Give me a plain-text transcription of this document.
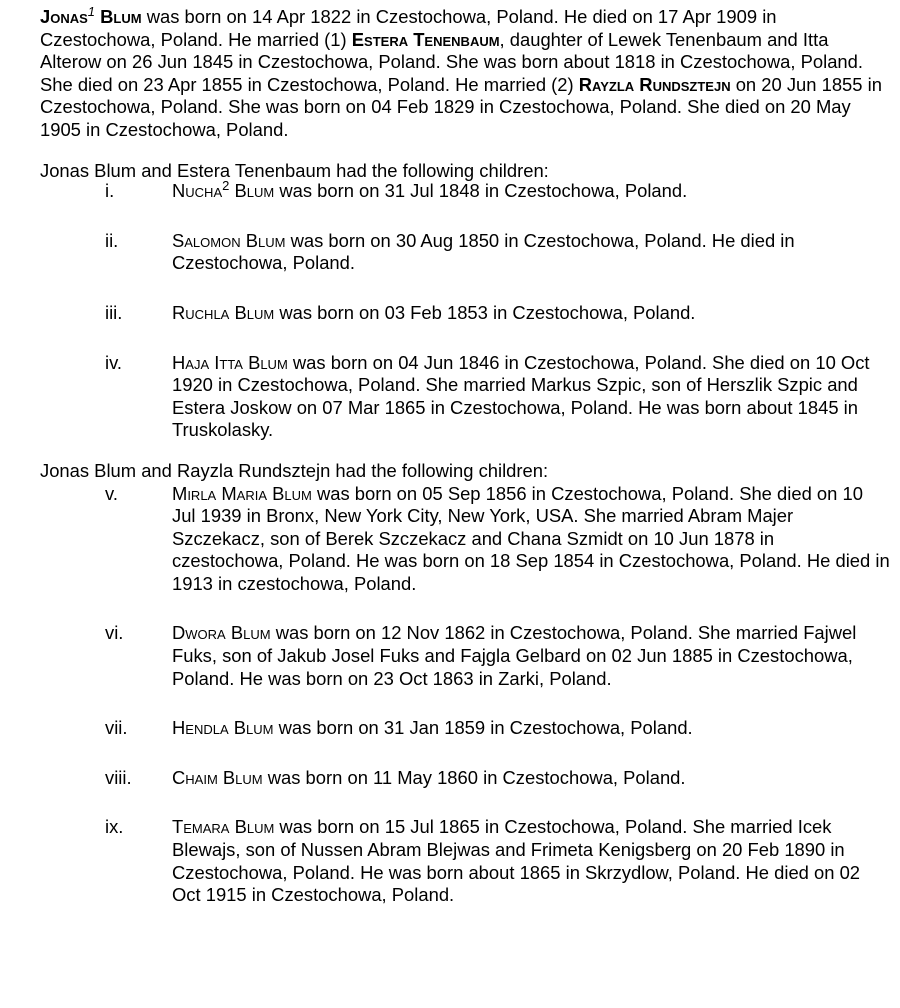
Jonas$^1$ Blum was born on 14 Apr 1822 in Czestochowa, Poland. He died on 17 Apr 1909 in Czestochowa, Poland. He married (1) Estera Tenenbaum, daughter of Lewek Tenenbaum and Itta Alterow on 26 Jun 1845 in Czestochowa, Poland. She was born about 1818 in Czestochowa, Poland. She died on 23 Apr 1855 in Czestochowa, Poland. He married (2) Rayzla Rundsztejn on 20 Jun 1855 in Czestochowa, Poland. She was born on 04 Feb 1829 in Czestochowa, Poland. She died on 20 May 1905 in Czestochowa, Poland.

Jonas Blum and Estera Tenenbaum had the following children:

i.	Nucha$^2$ Blum was born on 31 Jul 1848 in Czestochowa, Poland.
ii.	Salomon Blum was born on 30 Aug 1850 in Czestochowa, Poland. He died in Czestochowa, Poland.
iii.	Ruchla Blum was born on 03 Feb 1853 in Czestochowa, Poland.
iv.	Haja Itta Blum was born on 04 Jun 1846 in Czestochowa, Poland. She died on 10 Oct 1920 in Czestochowa, Poland. She married Markus Szpic, son of Herszlik Szpic and Estera Joskow on 07 Mar 1865 in Czestochowa, Poland. He was born about 1845 in Truskolasky.

Jonas Blum and Rayzla Rundsztejn had the following children:

v.	Mirla Maria Blum was born on 05 Sep 1856 in Czestochowa, Poland. She died on 10 Jul 1939 in Bronx, New York City, New York, USA. She married Abram Majer Szczekacz, son of Berek Szczekacz and Chana Szmidt on 10 Jun 1878 in czestochowa, Poland. He was born on 18 Sep 1854 in Czestochowa, Poland. He died in 1913 in czestochowa, Poland.
vi.	Dwora Blum was born on 12 Nov 1862 in Czestochowa, Poland. She married Fajwel Fuks, son of Jakub Josel Fuks and Fajgla Gelbard on 02 Jun 1885 in Czestochowa, Poland. He was born on 23 Oct 1863 in Zarki, Poland.
vii. Hendla Blum was born on 31 Jan 1859 in Czestochowa, Poland.
viii. Chaim Blum was born on 11 May 1860 in Czestochowa, Poland.
ix.	Temara Blum was born on 15 Jul 1865 in Czestochowa, Poland. She married Icek Blewajs, son of Nussen Abram Blejwas and Frimeta Kenigsberg on 20 Feb 1890 in Czestochowa, Poland. He was born about 1865 in Skrzydlow, Poland. He died on 02 Oct 1915 in Czestochowa, Poland.
